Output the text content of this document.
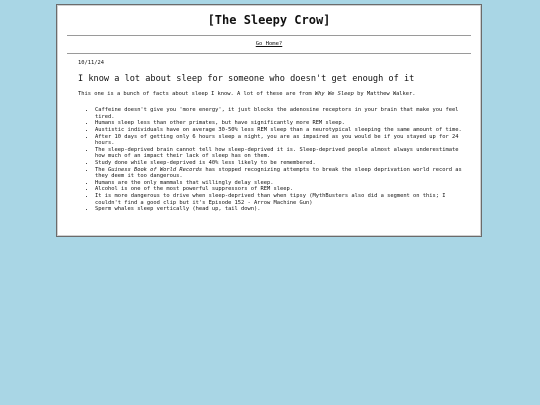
[The Sleepy Crow]
Go Home?

10/11/24

I know a lot about sleep for someone who doesn't get enough of it

This one is a bunch of facts about sleep I know. A lot of these are from Why We Sleep by Matthew Walker.

• Caffeine doesn't give you 'more energy', it just blocks the adenosine receptors in your brain that make you feel tired.
• Humans sleep less than other primates, but have significantly more REM sleep.
• Austistic individuals have on average 30-50% less REM sleep than a neurotypical sleeping the same amount of time.
• After 10 days of getting only 6 hours sleep a night, you are as impaired as you would be if you stayed up for 24 hours.
• The sleep-deprived brain cannot tell how sleep-deprived it is. Sleep-deprived people almost always underestimate how much of an impact their lack of sleep has on them.
• Study done while sleep-deprived is 40% less likely to be remembered.
• The Guiness Book of World Records has stopped recognizing attempts to break the sleep deprivation world record as they deem it too dangerous.
• Humans are the only mammals that willingly delay sleep.
• Alcohol is one of the most powerful suppressors of REM sleep.
• It is more dangerous to drive when sleep-deprived than when tipsy (MythBusters also did a segment on this; I couldn't find a good clip but it's Episode 152 - Arrow Machine Gun)
• Sperm whales sleep vertically (head up, tail down).
